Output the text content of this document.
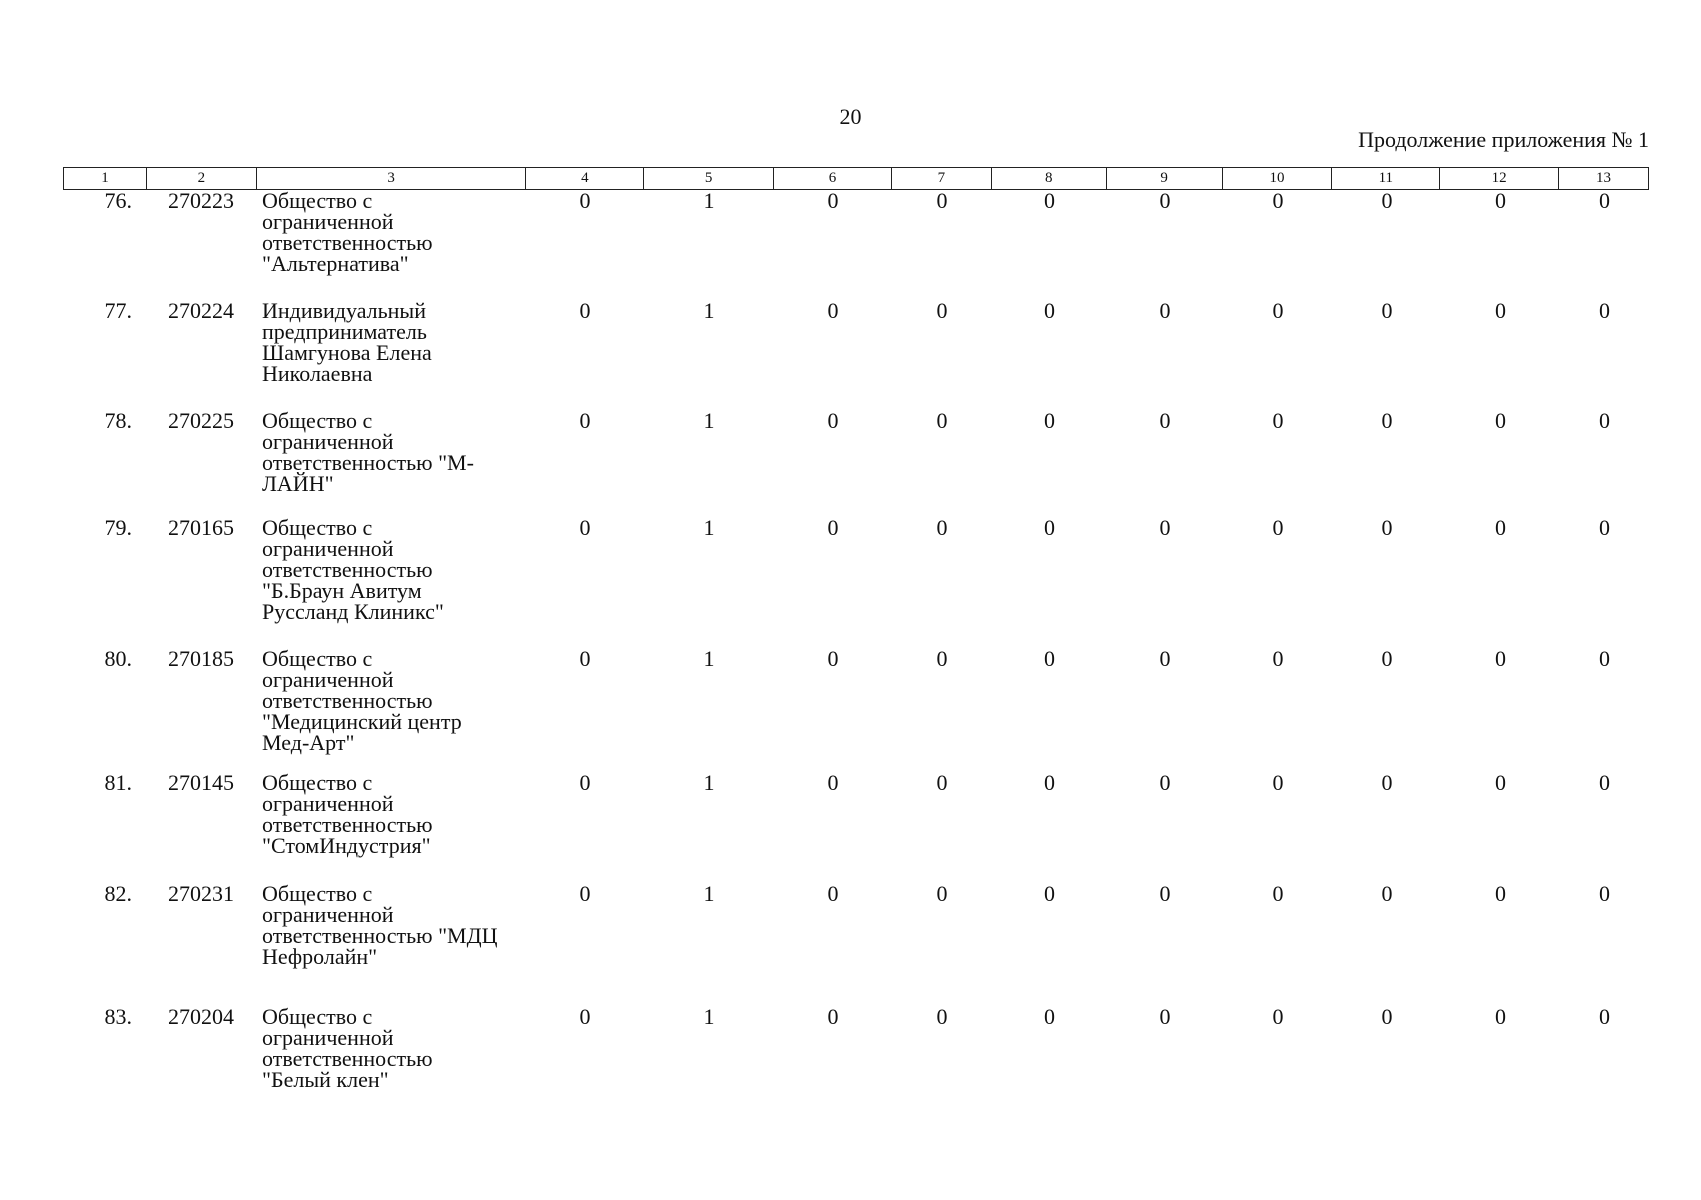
20
Продолжение приложения № 1
1	2	3	4	5	6	7	8	9	10	11	12	13
76.	270223	Общество с
ограниченной
ответственностью
"Альтернатива"
0	1	0	0	0	0	0	0	0	0
77.	270224	Индивидуальный
предприниматель
Шамгунова Елена
Николаевна
0	1	0	0	0	0	0	0	0	0
78.	270225	Общество с
ограниченной
ответственностью "М-
ЛАЙН"
0	1	0	0	0	0	0	0	0	0
79.	270165	Общество с
ограниченной
ответственностью
"Б.Браун Авитум
Руссланд Клиникс"
0	1	0	0	0	0	0	0	0	0
80.	270185	Общество с
ограниченной
ответственностью
"Медицинский центр
Мед-Арт"
0	1	0	0	0	0	0	0	0	0
81.	270145	Общество с
ограниченной
ответственностью
"СтомИндустрия"
0	1	0	0	0	0	0	0	0	0
82.	270231	Общество с
ограниченной
ответственностью "МДЦ
Нефролайн"
0	1	0	0	0	0	0	0	0	0
83.	270204	Общество с
ограниченной
ответственностью
"Белый клен"
0	1	0	0	0	0	0	0	0	0
